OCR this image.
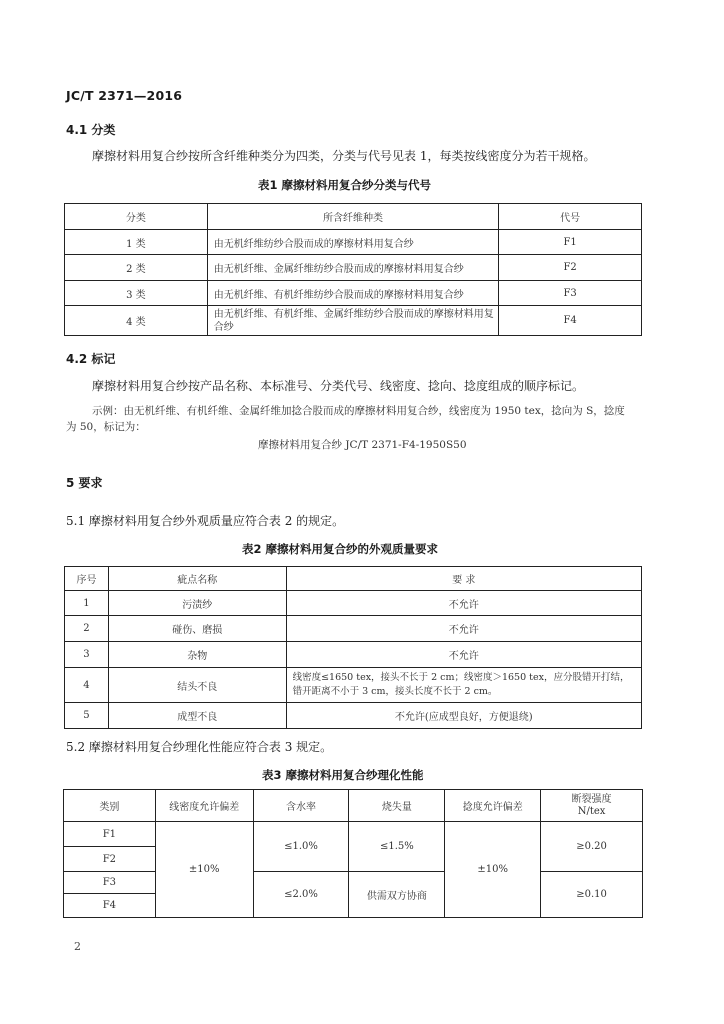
JC/T 2371—2016
4.1 分类
摩擦材料用复合纱按所含纤维种类分为四类，分类与代号见表 1，每类按线密度分为若干规格。
表1 摩擦材料用复合纱分类与代号
分类	所含纤维种类	代号
1 类	由无机纤维纺纱合股而成的摩擦材料用复合纱	F1
2 类	由无机纤维、金属纤维纺纱合股而成的摩擦材料用复合纱	F2
3 类	由无机纤维、有机纤维纺纱合股而成的摩擦材料用复合纱	F3
4 类	由无机纤维、有机纤维、金属纤维纺纱合股而成的摩擦材料用复合纱	F4
4.2 标记
摩擦材料用复合纱按产品名称、本标准号、分类代号、线密度、捻向、捻度组成的顺序标记。
示例：由无机纤维、有机纤维、金属纤维加捻合股而成的摩擦材料用复合纱，线密度为 1950 tex，捻向为 S，捻度
为 50，标记为：
摩擦材料用复合纱 JC/T 2371-F4-1950S50
5 要求
5.1 摩擦材料用复合纱外观质量应符合表 2 的规定。
表2 摩擦材料用复合纱的外观质量要求
序号	疵点名称	要 求
1	污渍纱	不允许
2	碰伤、磨损	不允许
3	杂物	不允许
4	结头不良	线密度≤1650 tex，接头不长于 2 cm；线密度＞1650 tex，应分股错开打结，错开距离不小于 3 cm，接头长度不长于 2 cm。
5	成型不良	不允许(应成型良好，方便退绕)
5.2 摩擦材料用复合纱理化性能应符合表 3 规定。
表3 摩擦材料用复合纱理化性能
类别	线密度允许偏差	含水率	烧失量	捻度允许偏差	断裂强度
N/tex
F1	±10%	≤1.0%	≤1.5%	±10%	≥0.20
F2					
F3		≤2.0%	供需双方协商		≥0.10
F4					
2
